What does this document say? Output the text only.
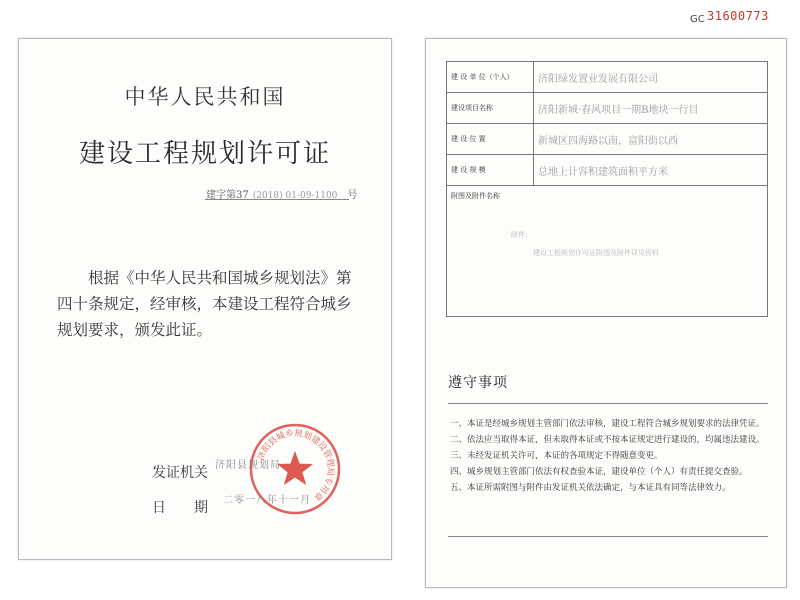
中华人民共和国
建设工程规划许可证
建字第37 (2018) 01-09-1100 号

　　根据《中华人民共和国城乡规划法》第

四十条规定，经审核，本建设工程符合城乡

规划要求，颁发此证。

济阳县城乡规划建设管理局专用章
发证机关 济阳县规划局
日　　期 二零一八年十一月
GC 31600773
建 设 单 位（个人）	济阳绿发置业发展有限公司
建设项目名称	济阳新城·春风项目一期B地块一行目
建 设 位 置	新城区四海路以南，富阳街以西
建 设 规 模	总地上计容积建筑面积平方米
附图及附件名称
附件：
建设工程规划许可证附图及附件详见资料	
遵守事项
一、本证是经城乡规划主管部门依法审核，建设工程符合城乡规划要求的法律凭证。
二、依法应当取得本证，但未取得本证或不按本证规定进行建设的，均属违法建设。
三、未经发证机关许可，本证的各项规定不得随意变更。
四、城乡规划主管部门依法有权查验本证，建设单位（个人）有责任提交查验。
五、本证所需附图与附件由发证机关依法确定，与本证具有同等法律效力。
